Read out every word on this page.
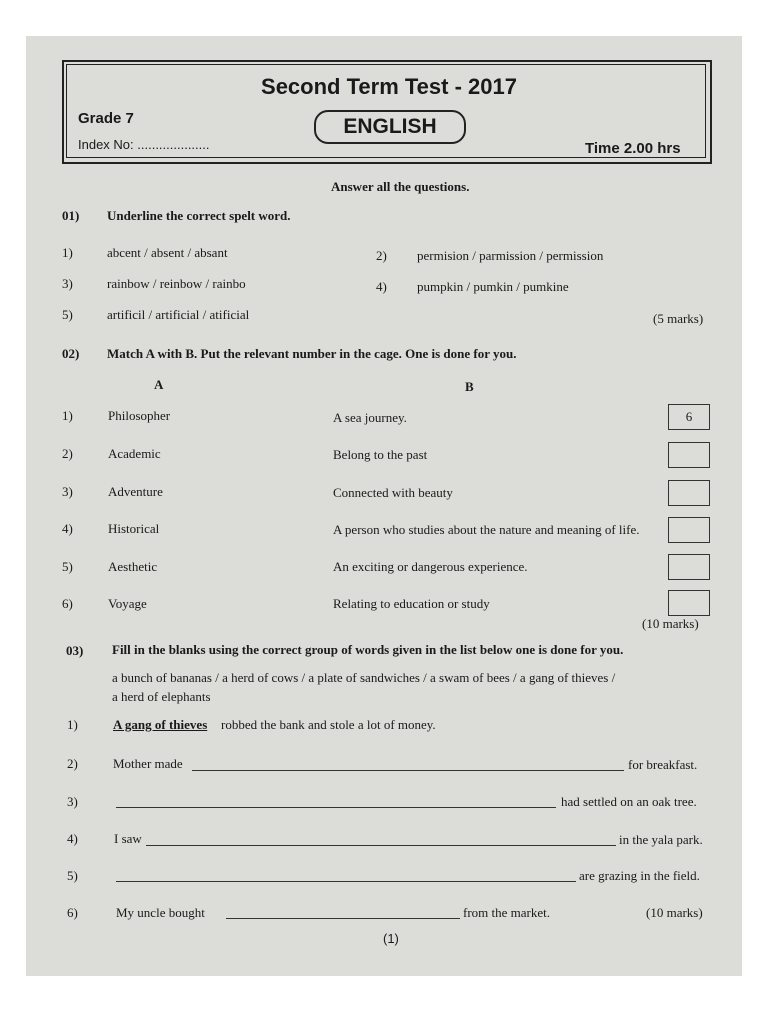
Second Term Test - 2017
Grade 7	ENGLISH
Index No: ....................	Time 2.00 hrs
Answer all the questions.
01) Underline the correct spelt word.
1)	abcent / absent / absant	2) permision / parmission / permission
3)	rainbow / reinbow / rainbo	4) pumpkin / pumkin / pumkine
5)	artificil / artificial / atificial	(5 marks)
02) Match A with B. Put the relevant number in the cage. One is done for you.
A	B
1)	Philosopher	A sea journey.	6
2)	Academic	Belong to the past
3)	Adventure	Connected with beauty
4)	Historical	A person who studies about the nature and meaning of life.
5)	Aesthetic	An exciting or dangerous experience.
6)	Voyage	Relating to education or study
(10 marks)
03) Fill in the blanks using the correct group of words given in the list below one is done for you.
a bunch of bananas / a herd of cows / a plate of sandwiches / a swam of bees / a gang of thieves /
a herd of elephants
1)	A gang of thieves robbed the bank and stole a lot of money.
2)	Mother made	for breakfast.
3)	had settled on an oak tree.
4)	I saw	in the yala park.
5)	are grazing in the field.
6)	My uncle bought	from the market.	(10 marks)
(1)
